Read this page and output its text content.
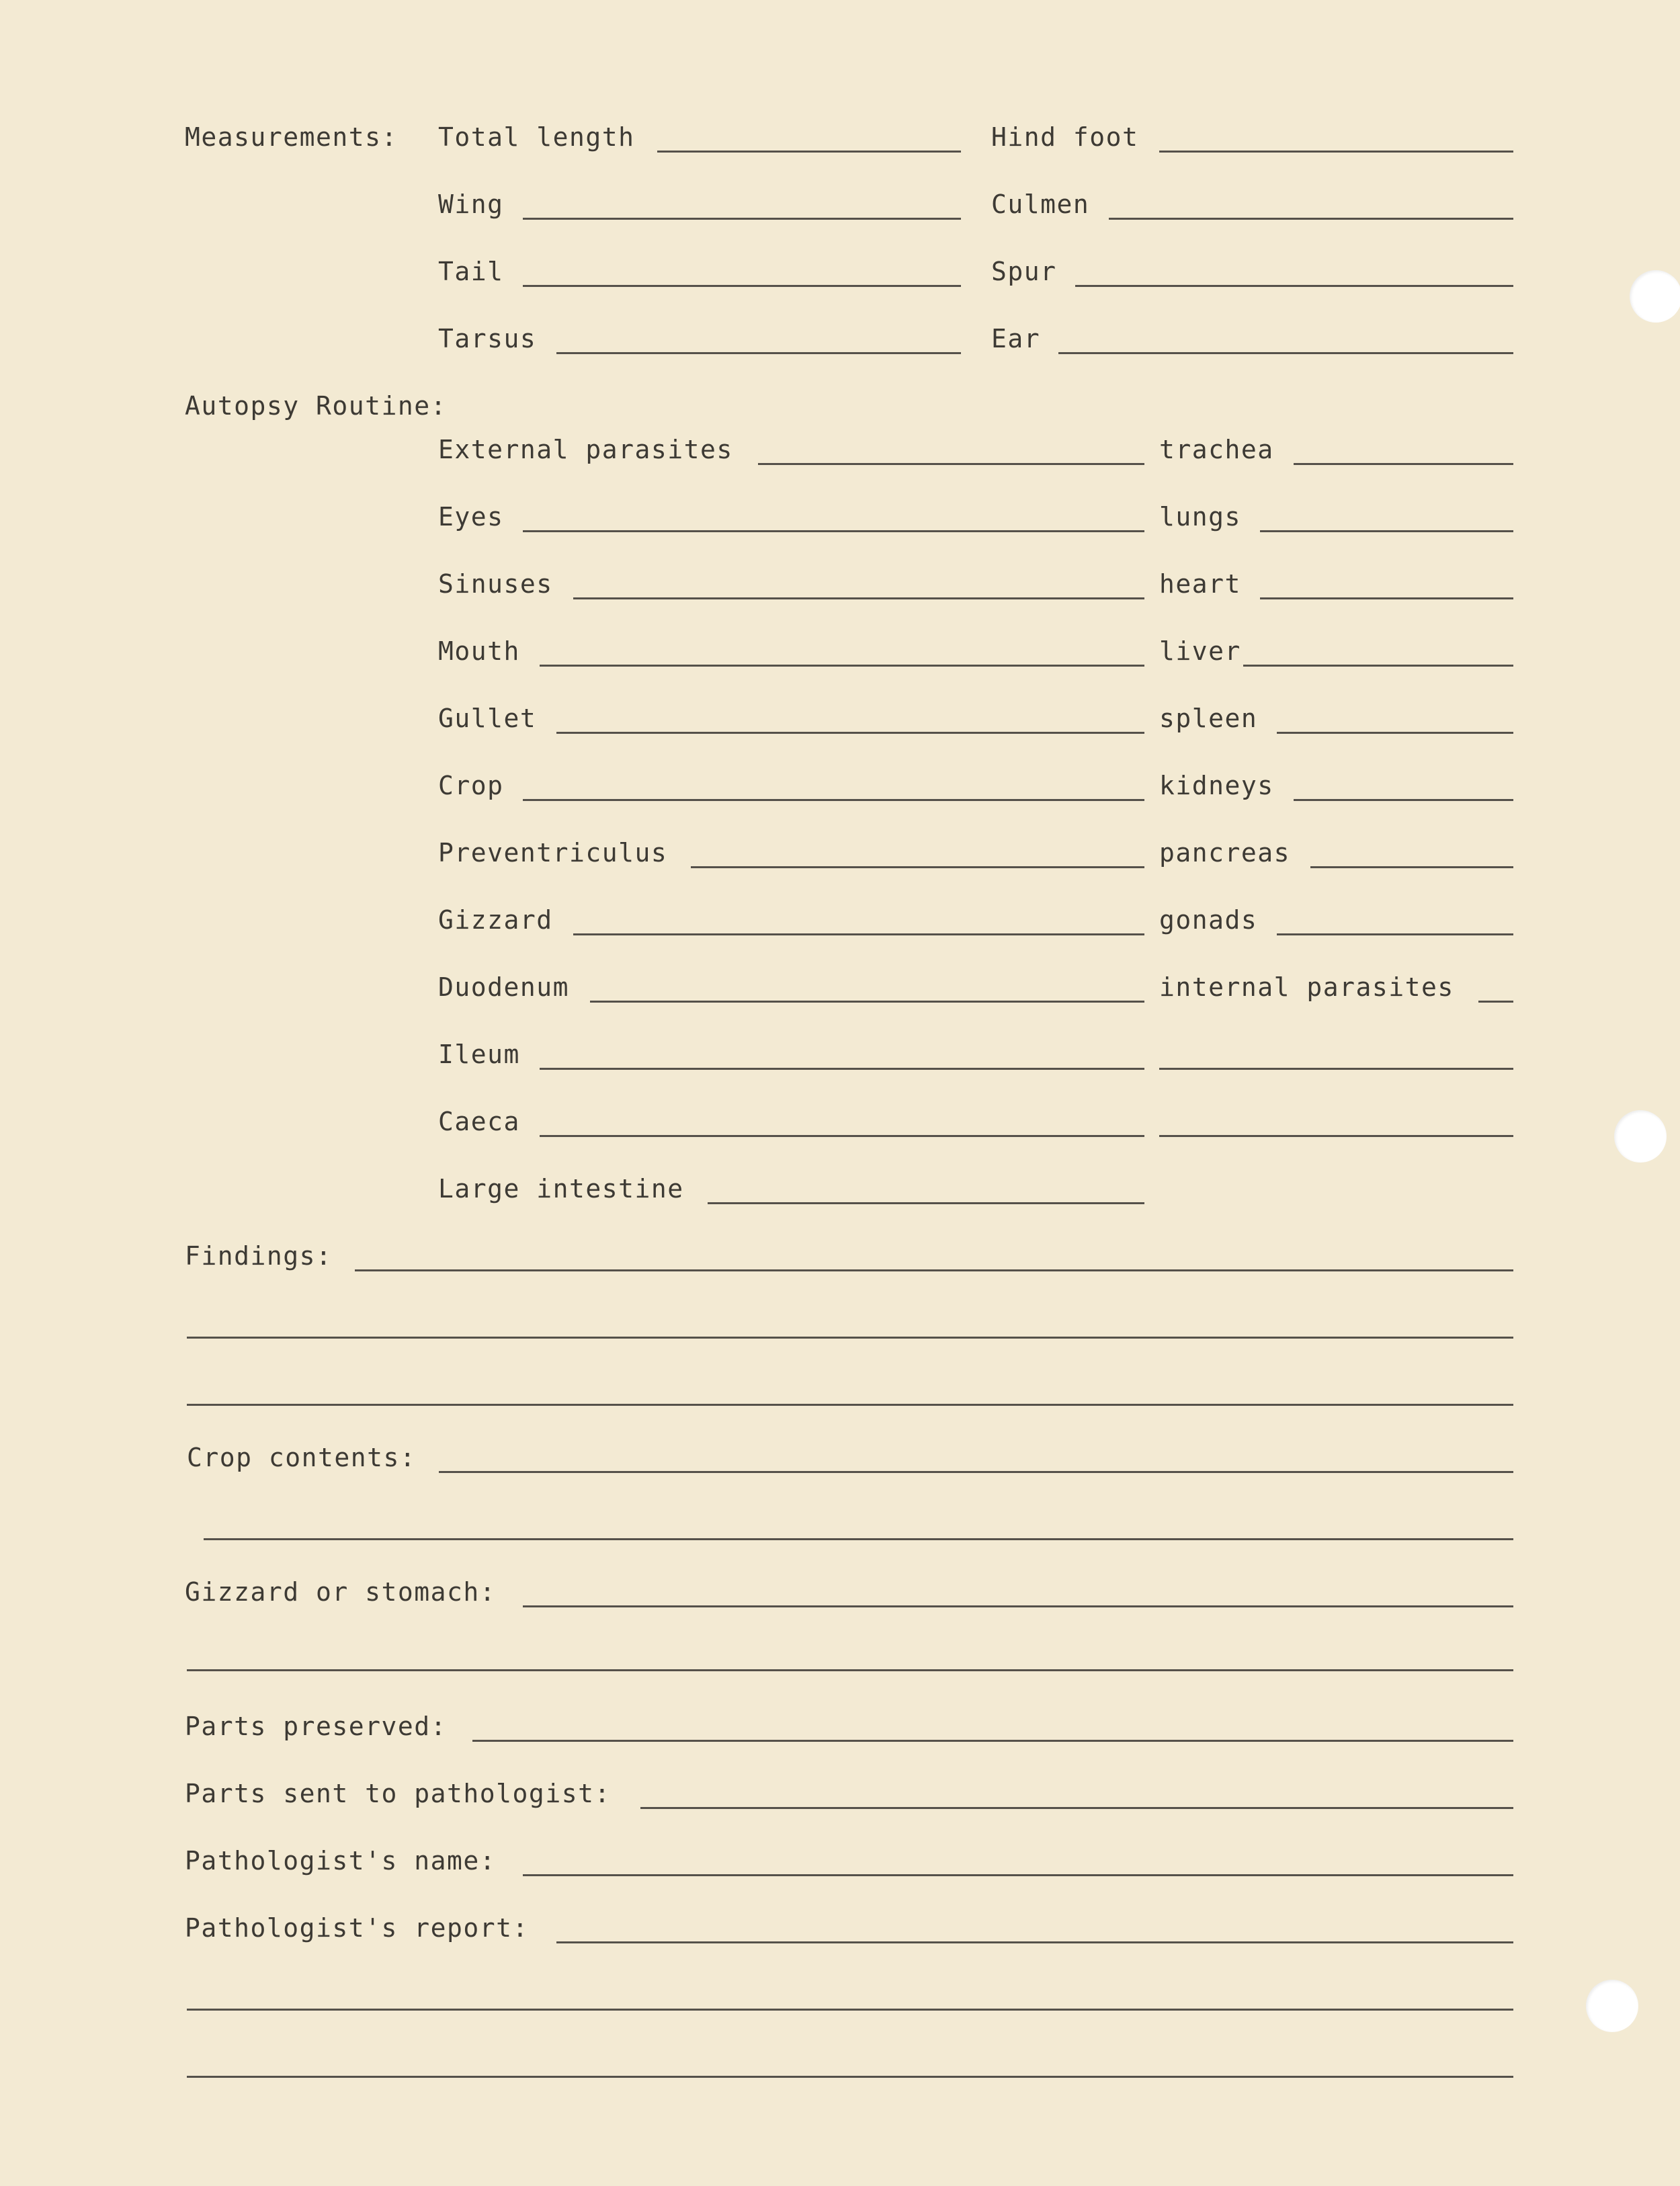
Measurements: Total length	Hind foot
Wing	Culmen
Tail	Spur
Tarsus	Ear
Autopsy Routine:
External parasites	trachea
Eyes	lungs
Sinuses	heart
Mouth	liver
Gullet	spleen
Crop	kidneys
Preventriculus	pancreas
Gizzard	gonads
Duodenum	internal parasites
Ileum
Caeca
Large intestine
Findings:
Crop contents:
Gizzard or stomach:
Parts preserved:
Parts sent to pathologist:
Pathologist's name:
Pathologist's report:
